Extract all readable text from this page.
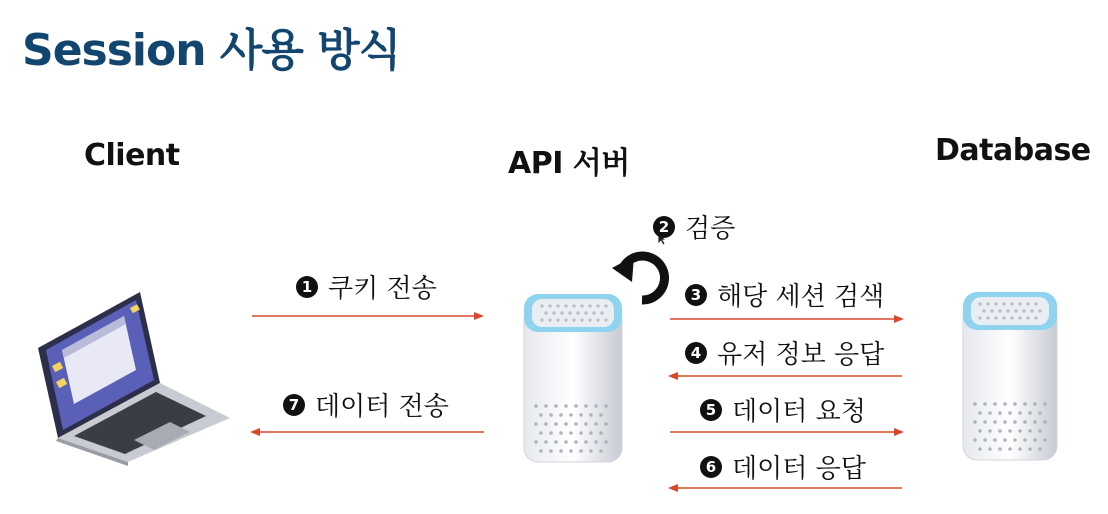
Session 사용 방식
Client	API 서버	Database
1 쿠키 전송
2 검증
3 해당 세션 검색
4 유저 정보 응답
5 데이터 요청
6 데이터 응답
7 데이터 전송
